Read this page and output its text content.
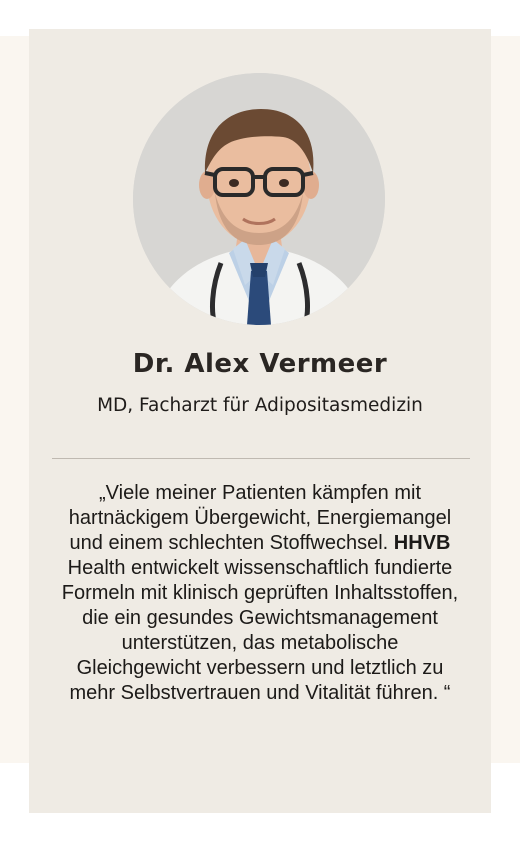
Dr. Alex Vermeer
MD, Facharzt für Adipositasmedizin

„Viele meiner Patienten kämpfen mit hartnäckigem Übergewicht, Energiemangel und einem schlechten Stoffwechsel. HHVB Health entwickelt wissenschaftlich fundierte Formeln mit klinisch geprüften Inhaltsstoffen, die ein gesundes Gewichtsmanagement unterstützen, das metabolische Gleichgewicht verbessern und letztlich zu mehr Selbstvertrauen und Vitalität führen. “
